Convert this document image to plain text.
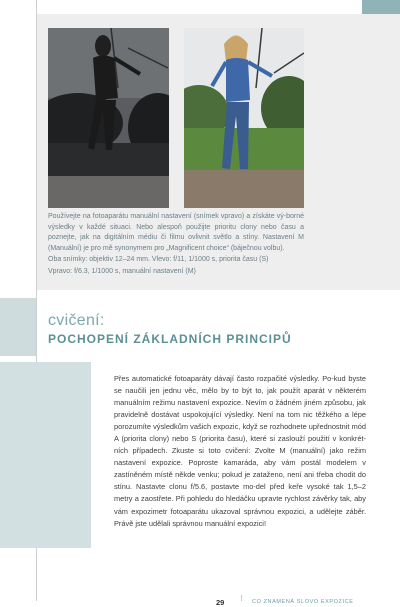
Používejte na fotoaparátu manuální nastavení (snímek vpravo) a získáte vý-borné výsledky v každé situaci. Nebo alespoň použijte prioritu clony nebo času a poznejte, jak na digitálním médiu či filmu ovlivnit světlo a stíny. Nastavení M (Manuální) je pro mě synonymem pro „Magnificent choice“ (báječnou volbu).

Oba snímky: objektiv 12–24 mm. Vlevo: f/11, 1/1000 s, priorita času (S)

Vpravo: f/6.3, 1/1000 s, manuální nastavení (M)

cvičení:
POCHOPENÍ ZÁKLADNÍCH PRINCIPŮ

Přes automatické fotoaparáty dávají často rozpačité výsledky. Po-kud byste se naučili jen jednu věc, mělo by to být to, jak použít aparát v některém manuálním režimu nastavení expozice. Nevím o žádném jiném způsobu, jak pravidelně dostávat uspokojující výsledky. Není na tom nic těžkého a lépe porozumíte výsledkům vašich expozic, když se rozhodnete upřednostnit mód A (priorita clony) nebo S (priorita času), které si zaslouží použití v konkrét-ních případech. Zkuste si toto cvičení: Zvolte M (manuální) jako režim nastavení expozice. Poproste kamaráda, aby vám postál modelem v zastíněném místě někde venku; pokud je zataženo, není ani třeba chodit do stínu. Nastavte clonu f/5.6, postavte mo-del před keře vysoké tak 1,5–2 metry a zaostřete. Při pohledu do hledáčku upravte rychlost závěrky tak, aby vám expozimetr fotoaparátu ukazoval správnou expozici, a udělejte záběr. Právě jste udělali správnou manuální expozici!

29	CO ZNAMENÁ SLOVO EXPOZICE
